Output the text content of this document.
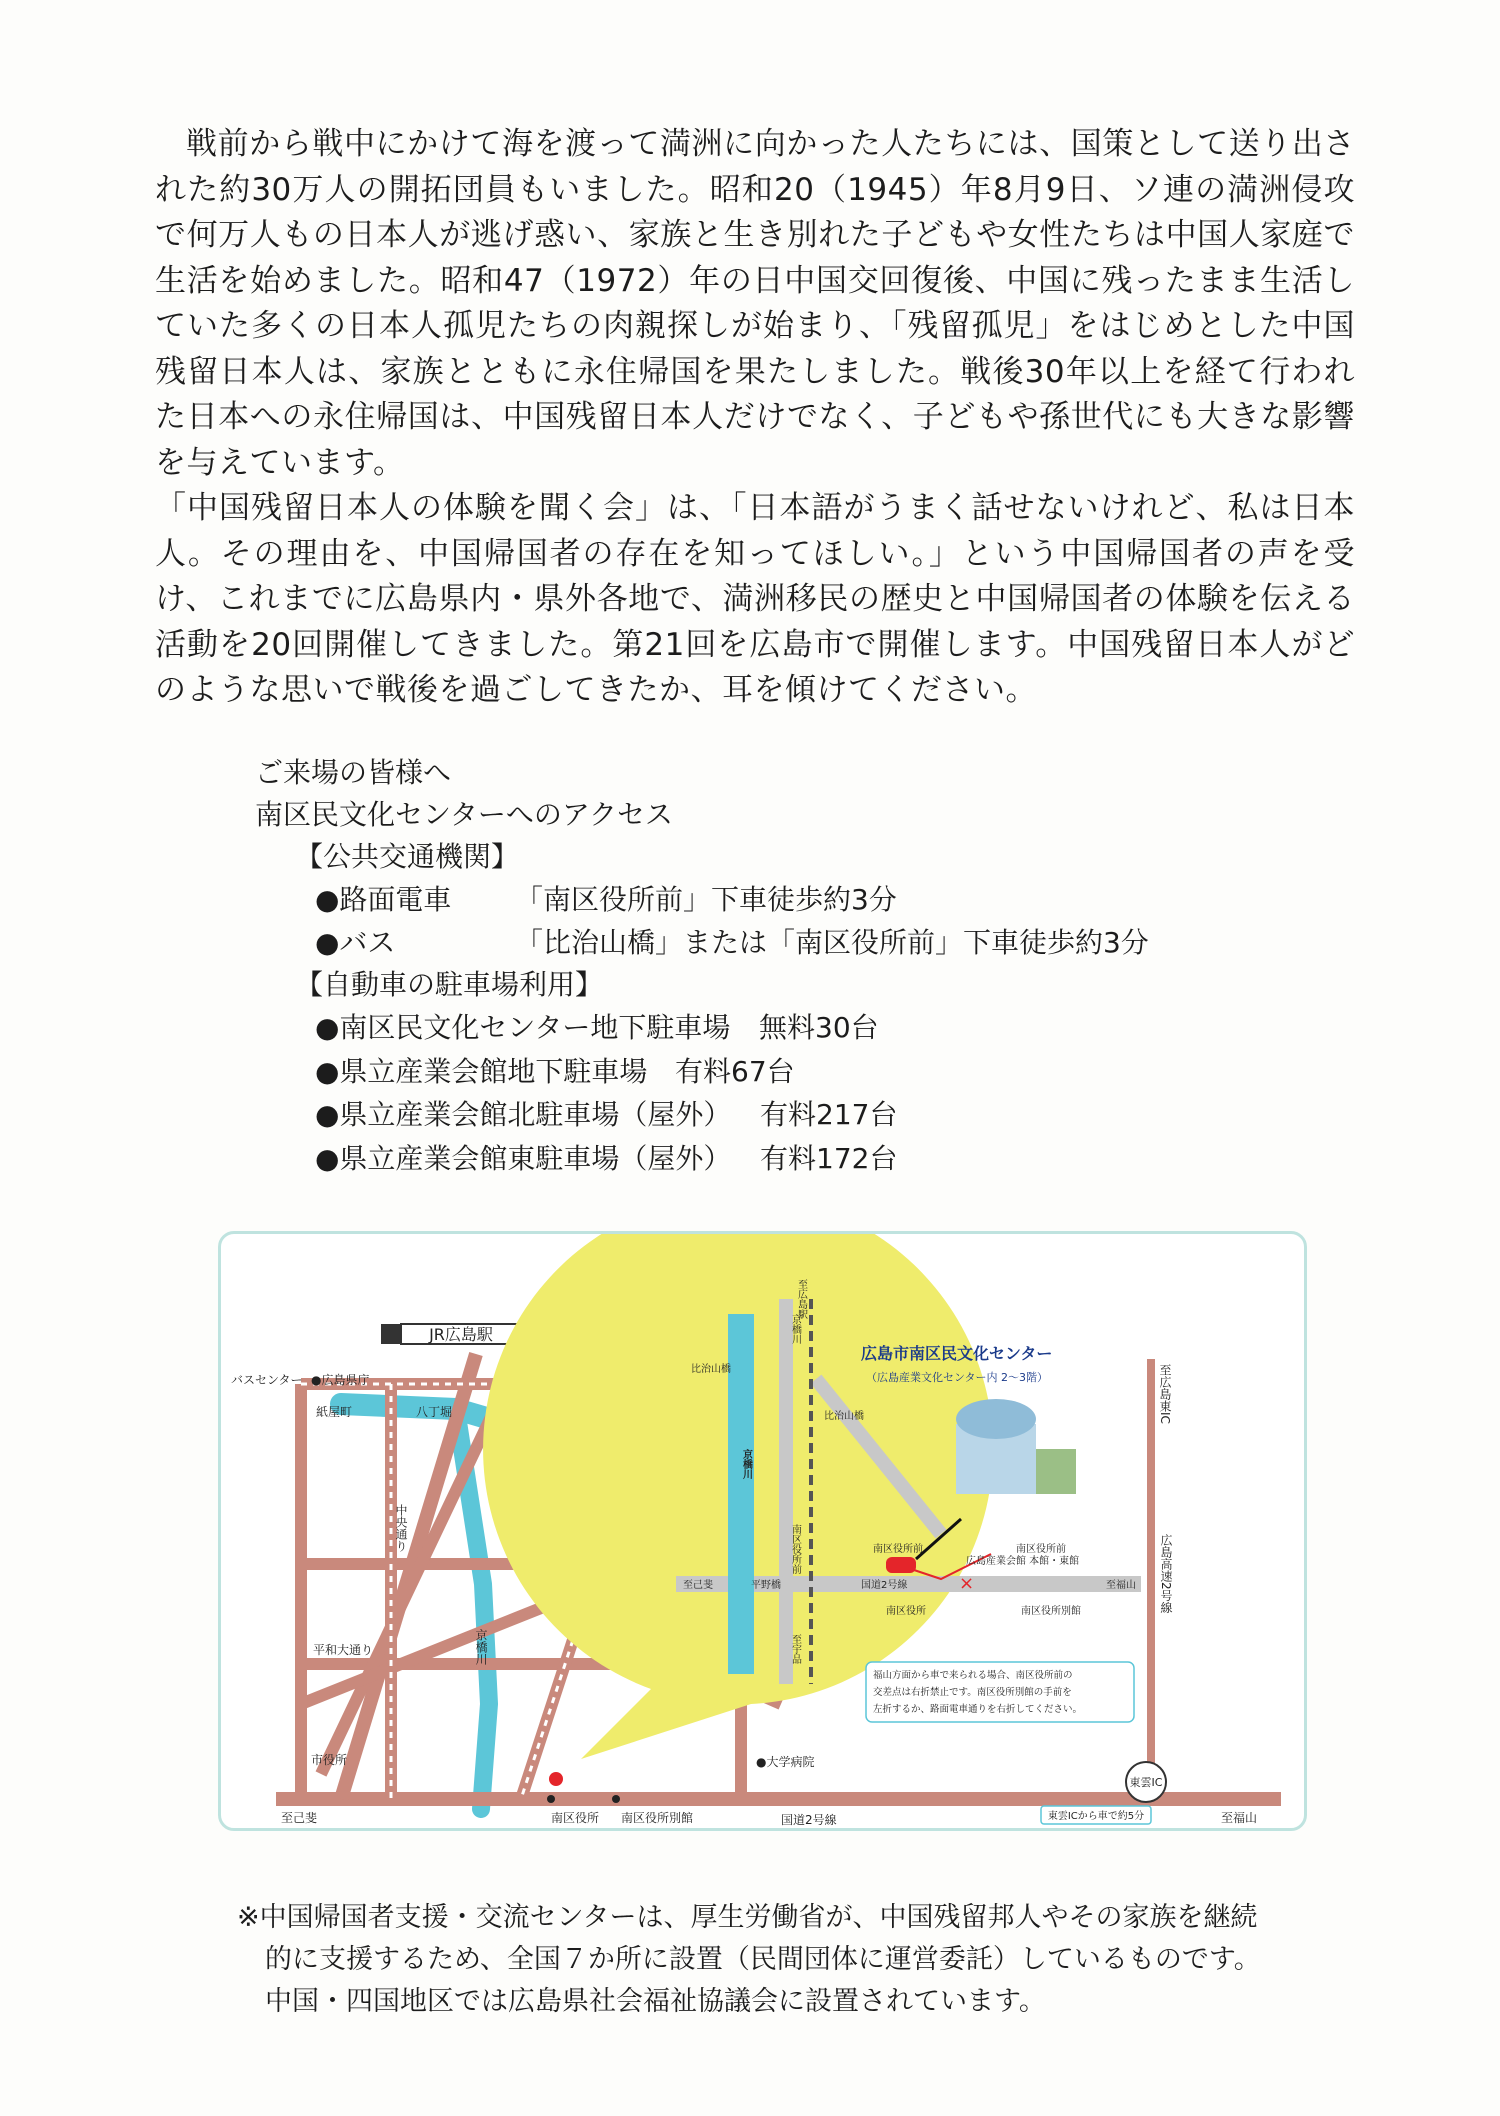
戦前から戦中にかけて海を渡って満洲に向かった人たちには、国策として送り出された約30万人の開拓団員もいました。昭和20（1945）年8月9日、ソ連の満洲侵攻で何万人もの日本人が逃げ惑い、家族と生き別れた子どもや女性たちは中国人家庭で生活を始めました。昭和47（1972）年の日中国交回復後、中国に残ったまま生活していた多くの日本人孤児たちの肉親探しが始まり、「残留孤児」をはじめとした中国残留日本人は、家族とともに永住帰国を果たしました。戦後30年以上を経て行われた日本への永住帰国は、中国残留日本人だけでなく、子どもや孫世代にも大きな影響を与えています。

「中国残留日本人の体験を聞く会」は、「日本語がうまく話せないけれど、私は日本人。その理由を、中国帰国者の存在を知ってほしい。」という中国帰国者の声を受け、これまでに広島県内・県外各地で、満洲移民の歴史と中国帰国者の体験を伝える活動を20回開催してきました。第21回を広島市で開催します。中国残留日本人がどのような思いで戦後を過ごしてきたか、耳を傾けてください。

ご来場の皆様へ
南区民文化センターへのアクセス
【公共交通機関】
●路面電車 「南区役所前」下車徒歩約3分
●バス	「比治山橋」または「南区役所前」下車徒歩約3分
【自動車の駐車場利用】
●南区民文化センター地下駐車場 無料30台
●県立産業会館地下駐車場 有料67台
●県立産業会館北駐車場（屋外） 有料217台
●県立産業会館東駐車場（屋外） 有料172台
JR広島駅
バスセンター ●広島県庁
紙屋町	八丁堀
平和大通り
市役所
至己斐
●大学病院
南区役所 南区役所別館	国道2号線	至福山
中央通り
京橋川
広島高速2号線
至広島東IC
東雲IC
東雲ICから車で約5分
×
広島市南区民文化センター
（広島産業文化センター内 2～3階）
至広島駅
比治山橋
比治山橋
京橋川
京橋川
南区役所前
南区役所前
至己斐	平野橋	国道2号線
南区役所
広島産業会館 本館・東館
南区役所前
至福山
南区役所別館
至宇品
福山方面から車で来られる場合、南区役所前の
交差点は右折禁止です。南区役所別館の手前を
左折するか、路面電車通りを右折してください。
※中国帰国者支援・交流センターは、厚生労働省が、中国残留邦人やその家族を継続
的に支援するため、全国７か所に設置（民間団体に運営委託）しているものです。
中国・四国地区では広島県社会福祉協議会に設置されています。
